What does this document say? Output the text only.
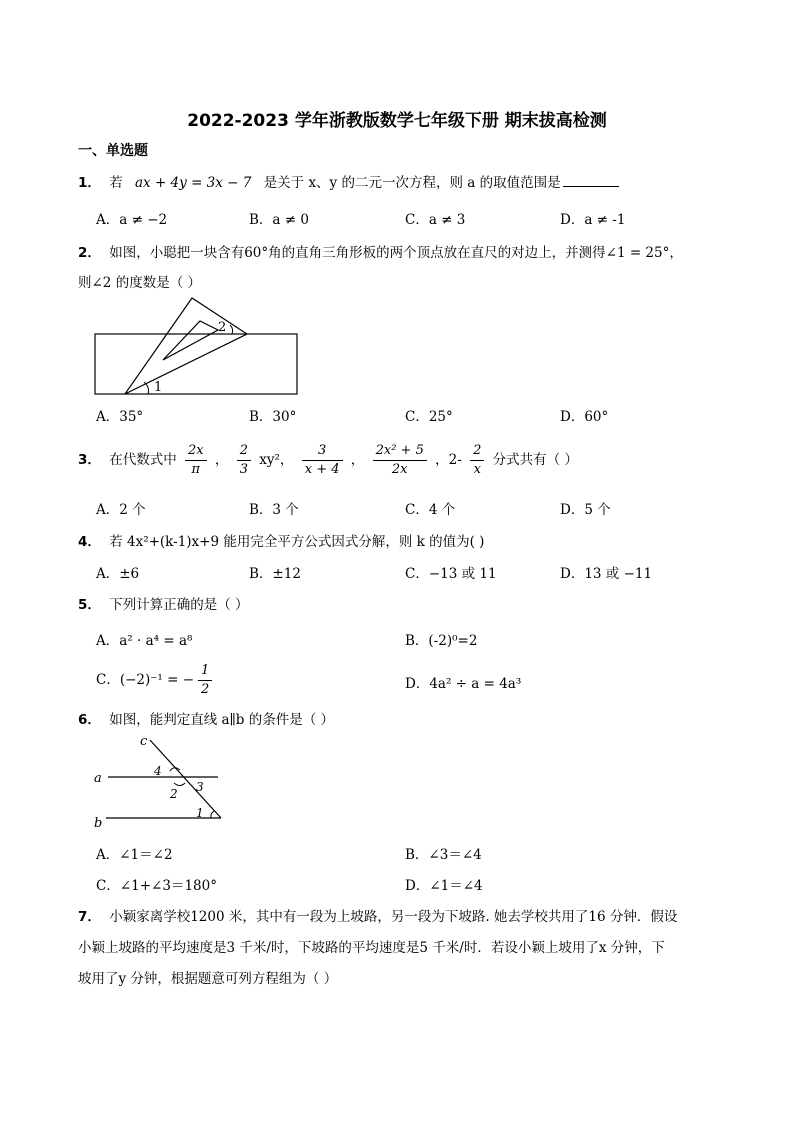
2022-2023 学年浙教版数学七年级下册 期末拔高检测
一、单选题
1． 若 ax + 4y = 3x − 7 是关于 x、y 的二元一次方程，则 a 的取值范围是
A．a ≠ −2	B．a ≠ 0	C．a ≠ 3	D．a ≠ -1
2． 如图，小聪把一块含有60°角的直角三角形板的两个顶点放在直尺的对边上，并测得∠1 = 25°，
则∠2 的度数是（ ）
1
2
A．35°	B．30°	C．25°	D．60°
3． 在代数式中 $\frac{2x}{\pi}$ ， $\frac{2}{3} xy^2$， $\frac{3}{x + 4}$ ， $\frac{\text{2x² + 5}}{2x}$ ，$2- \frac{2}{x}$ 分式共有（ ）
A．2 个	B．3 个	C．4 个	D．5 个
4． 若 4x²+(k-1)x+9 能用完全平方公式因式分解，则 k 的值为( )
A．±6	B．±12	C．−13 或 11	D．13 或 −11
5． 下列计算正确的是（ ）
A．a² · a⁴ = a⁸	B．(-2)⁰=2
C．(−2)⁻¹ = − $\frac{1}{2}$	D．4a² ÷ a = 4a³
6． 如图，能判定直线 a∥b 的条件是（ ）
a
b
c
4
2 3
1
A．∠1＝∠2	B．∠3＝∠4
C．∠1+∠3＝180°	D．∠1＝∠4
7． 小颖家离学校1200 米，其中有一段为上坡路，另一段为下坡路. 她去学校共用了16 分钟．假设
小颖上坡路的平均速度是3 千米/时，下坡路的平均速度是5 千米/时．若设小颖上坡用了x 分钟，下
坡用了y 分钟，根据题意可列方程组为（ ）
